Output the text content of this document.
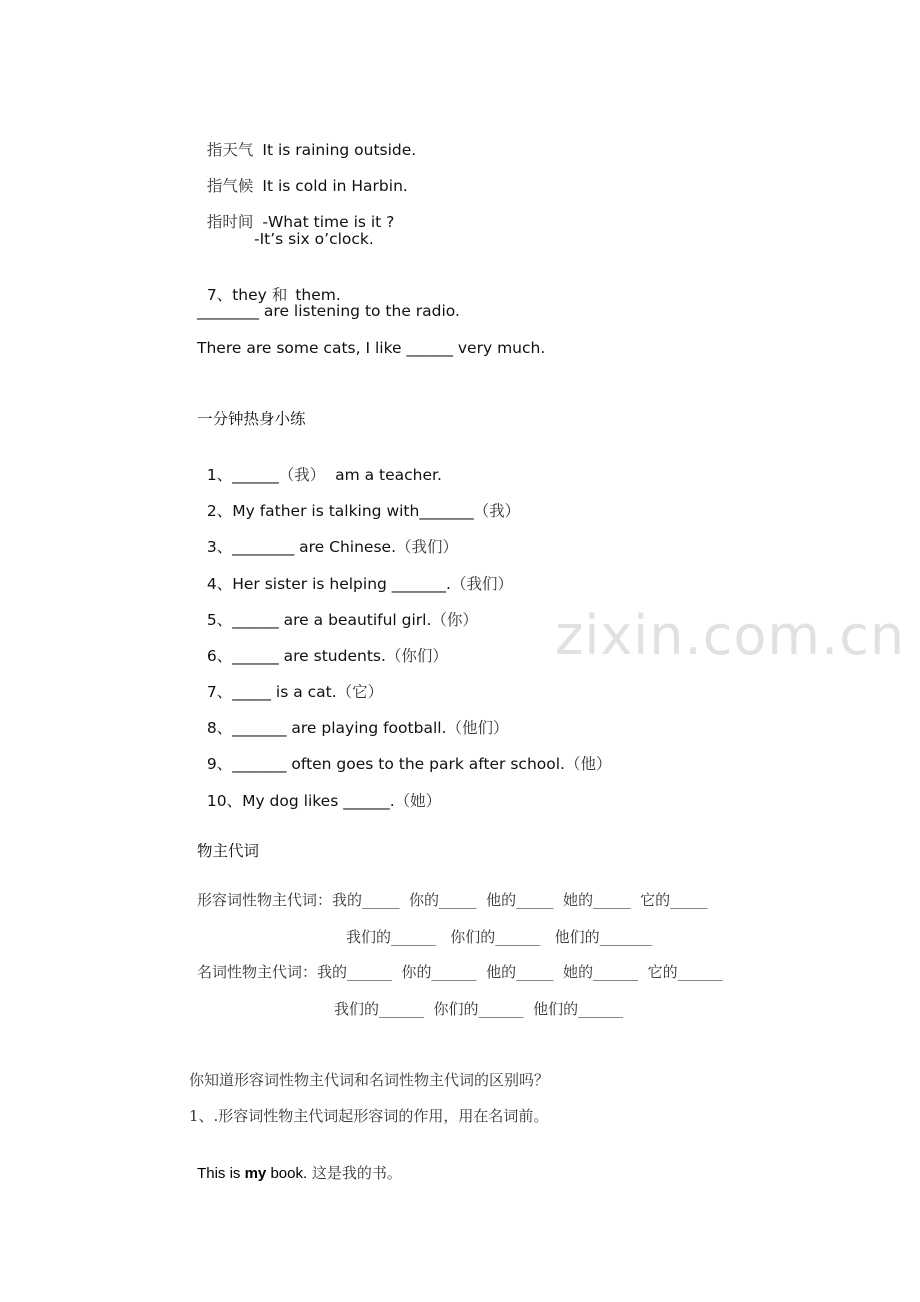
指天气 It is raining outside.

指气候 It is cold in Harbin.

指时间 -What time is it ?

-It’s six o’clock.

7、they 和 them.

________ are listening to the radio.
There are some cats, I like ______ very much.
一分钟热身小练

1、______（我）  am a teacher.

2、My father is talking with_______（我）

3、________ are Chinese.（我们）

4、Her sister is helping _______.（我们）

5、______ are a beautiful girl.（你）

6、______ are students.（你们）

7、_____ is a cat.（它）

8、_______ are playing football.（他们）

9、_______ often goes to the park after school.（他）

10、My dog likes ______.（她）

zixin.com.cn
物主代词
形容词性物主代词：我的_____  你的_____  他的_____  她的_____  它的_____
我们的______   你们的______   他们的_______
名词性物主代词：我的______  你的______  他的_____  她的______  它的______
我们的______  你们的______  他们的______
你知道形容词性物主代词和名词性物主代词的区别吗？
1、.形容词性物主代词起形容词的作用，用在名词前。

This is my book. 这是我的书。
